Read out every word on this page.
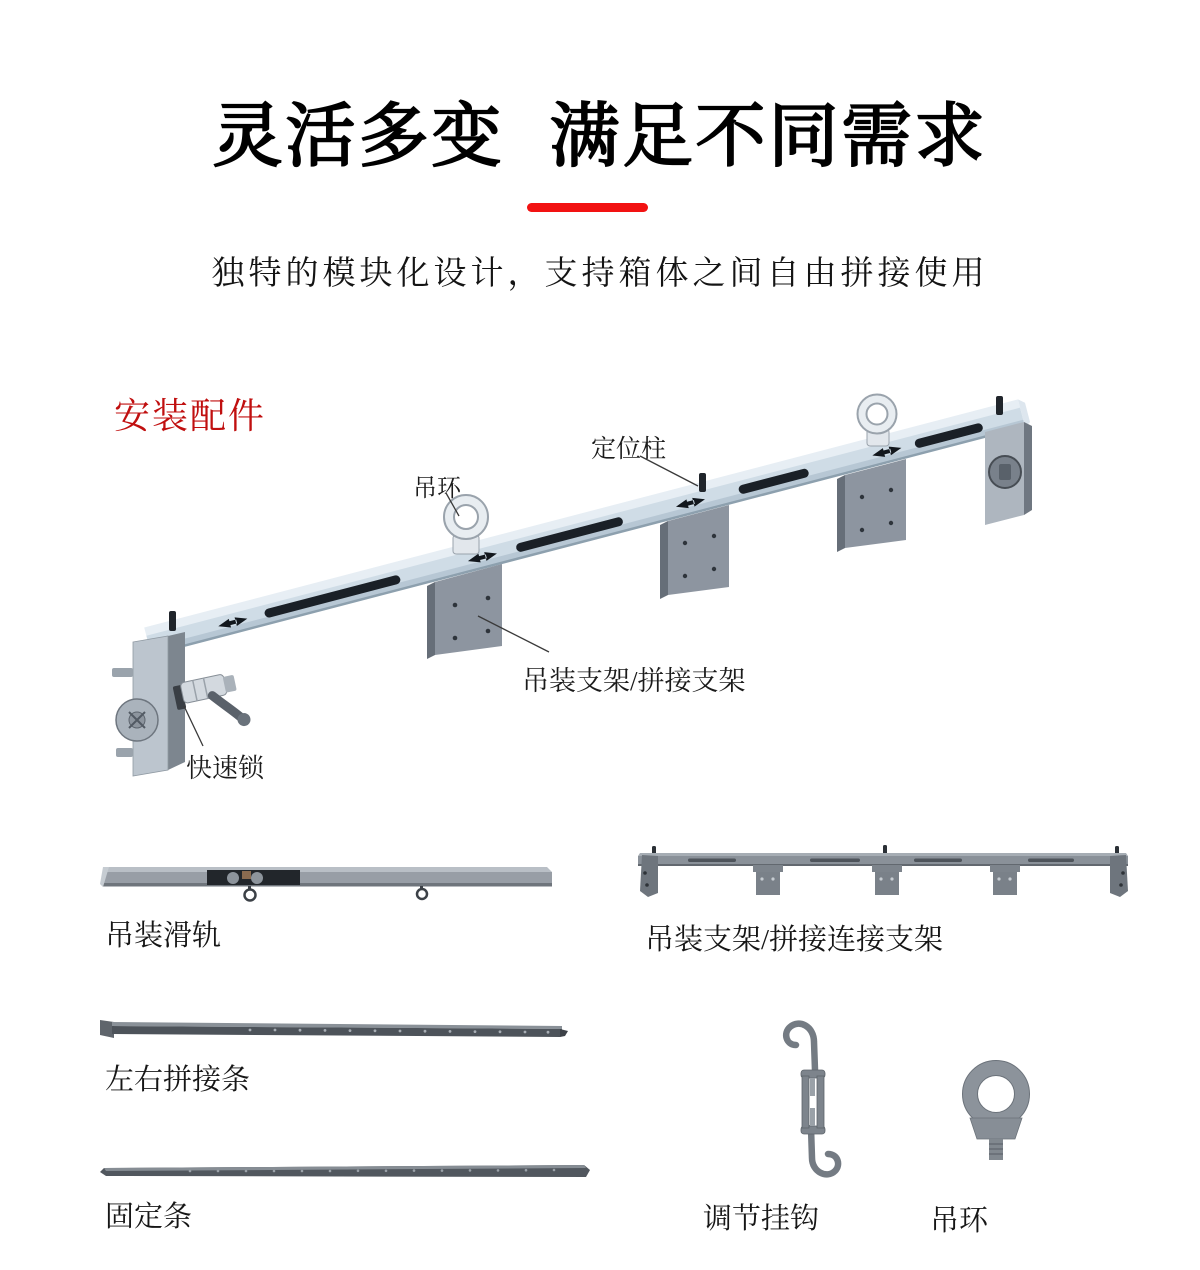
灵活多变  满足不同需求

独特的模块化设计，支持箱体之间自由拼接使用

安装配件
吊环
定位柱
吊装支架/拼接支架
快速锁
吊装滑轨	吊装支架/拼接连接支架
左右拼接条
固定条	调节挂钩	吊环
